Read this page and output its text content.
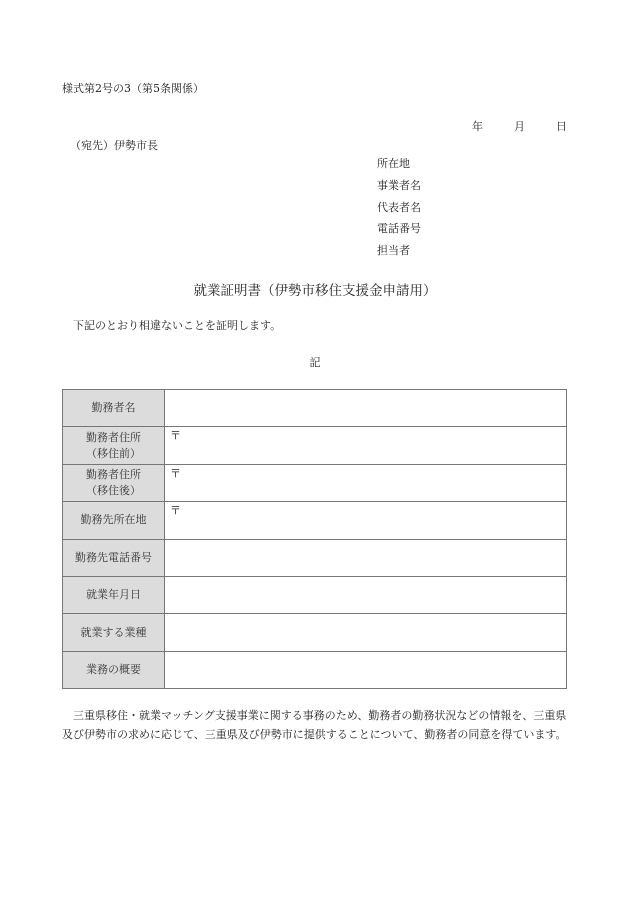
様式第2号の3（第5条関係）
年	月	日
（宛先）伊勢市長
所在地
事業者名
代表者名
電話番号
担当者
就業証明書（伊勢市移住支援金申請用）
下記のとおり相違ないことを証明します。
記
勤務者名	
勤務者住所
（移住前）	〒
勤務者住所
（移住後）	〒
勤務先所在地	〒
勤務先電話番号	
就業年月日	
就業する業種	
業務の概要	
三重県移住・就業マッチング支援事業に関する事務のため、勤務者の勤務状況などの情報を、三重県及び伊勢市の求めに応じて、三重県及び伊勢市に提供することについて、勤務者の同意を得ています。
